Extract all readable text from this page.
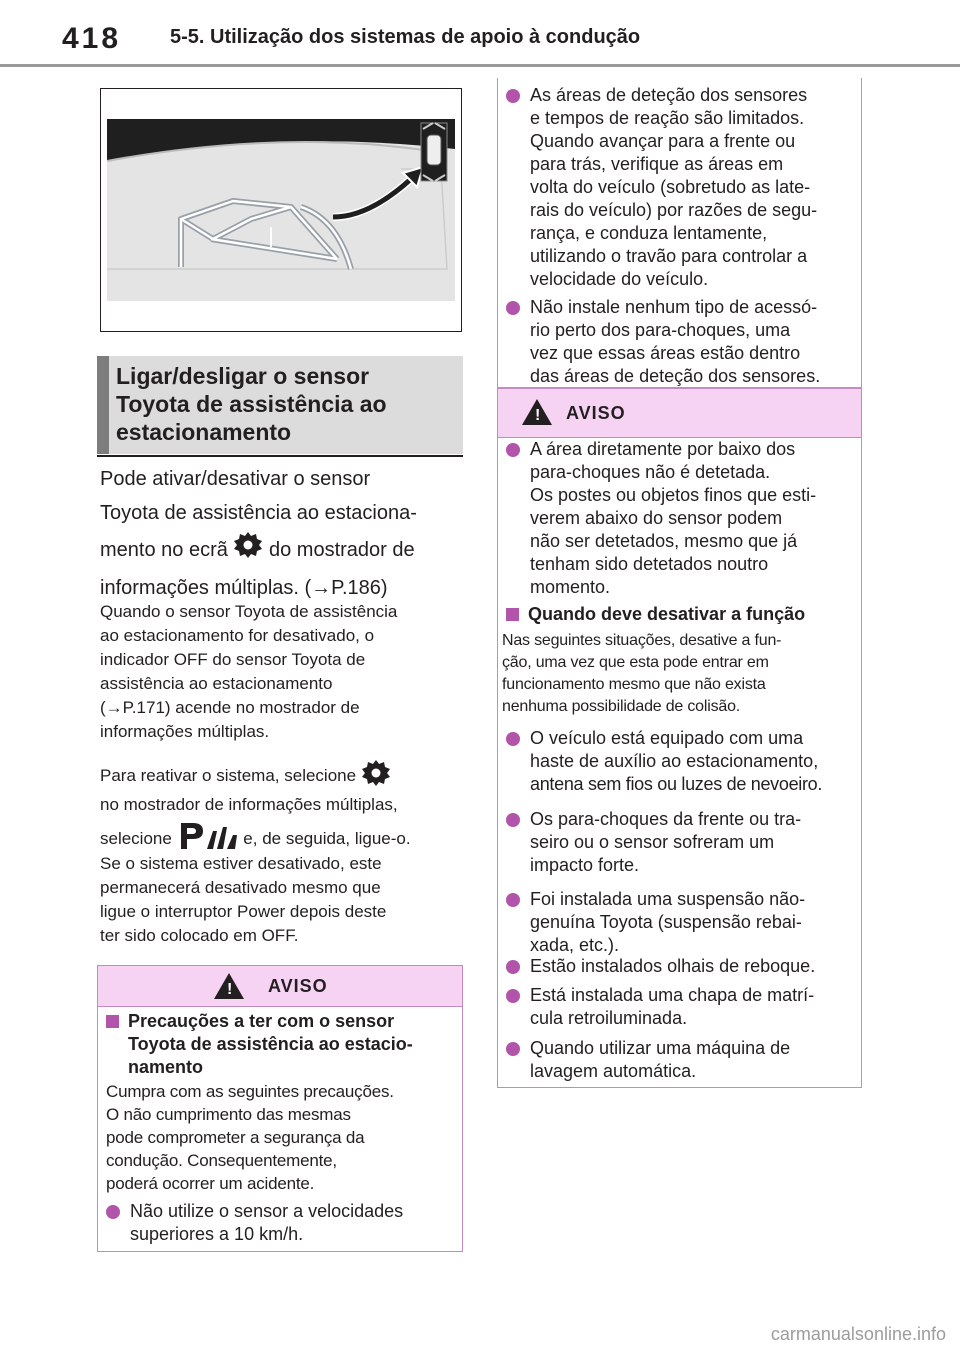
418 5-5. Utilização dos sistemas de apoio à condução
Ligar/desligar o sensor
Toyota de assistência ao
estacionamento
Pode ativar/desativar o sensor
Toyota de assistência ao estaciona-
mento no ecrã do mostrador de
informações múltiplas. (→P.186)
Quando o sensor Toyota de assistência
ao estacionamento for desativado, o
indicador OFF do sensor Toyota de
assistência ao estacionamento
(→P.171) acende no mostrador de
informações múltiplas.
Para reativar o sistema, selecione
no mostrador de informações múltiplas,
selecione	e, de seguida, ligue-o.
Se o sistema estiver desativado, este
permanecerá desativado mesmo que
ligue o interruptor Power depois deste
ter sido colocado em OFF.
! AVISO
Precauções a ter com o sensor
Toyota de assistência ao estacio-
namento
Cumpra com as seguintes precauções.
O não cumprimento das mesmas
pode comprometer a segurança da
condução. Consequentemente,
poderá ocorrer um acidente.
Não utilize o sensor a velocidades
superiores a 10 km/h.
As áreas de deteção dos sensores
e tempos de reação são limitados.
Quando avançar para a frente ou
para trás, verifique as áreas em
volta do veículo (sobretudo as late-
rais do veículo) por razões de segu-
rança, e conduza lentamente,
utilizando o travão para controlar a
velocidade do veículo.
Não instale nenhum tipo de acessó-
rio perto dos para-choques, uma
vez que essas áreas estão dentro
das áreas de deteção dos sensores.
! AVISO
A área diretamente por baixo dos
para-choques não é detetada.
Os postes ou objetos finos que esti-
verem abaixo do sensor podem
não ser detetados, mesmo que já
tenham sido detetados noutro
momento.
Quando deve desativar a função
Nas seguintes situações, desative a fun-
ção, uma vez que esta pode entrar em
funcionamento mesmo que não exista
nenhuma possibilidade de colisão.
O veículo está equipado com uma
haste de auxílio ao estacionamento,
antena sem fios ou luzes de nevoeiro.
Os para-choques da frente ou tra-
seiro ou o sensor sofreram um
impacto forte.
Foi instalada uma suspensão não-
genuína Toyota (suspensão rebai-
xada, etc.).
Estão instalados olhais de reboque.
Está instalada uma chapa de matrí-
cula retroiluminada.
Quando utilizar uma máquina de
lavagem automática.
carmanualsonline.info
